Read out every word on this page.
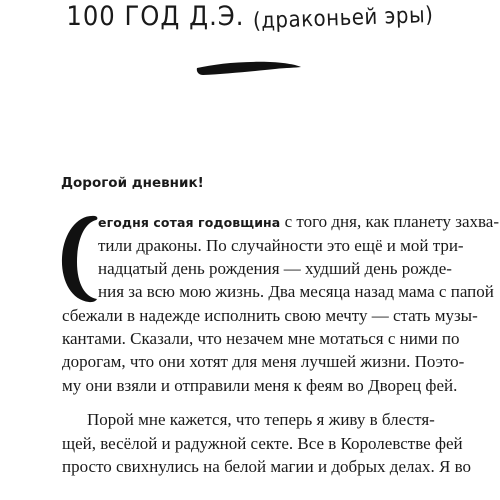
100 ГОД Д.Э. (драконьей эры)
Дорогой дневник!
егодня сотая годовщина с того дня, как планету захва-
тили драконы. По случайности это ещё и мой три-
надцатый день рождения — худший день рожде-
ния за всю мою жизнь. Два месяца назад мама с папой
сбежали в надежде исполнить свою мечту — стать музы-
кантами. Сказали, что незачем мне мотаться с ними по
дорогам, что они хотят для меня лучшей жизни. Поэто-
му они взяли и отправили меня к феям во Дворец фей.
Порой мне кажется, что теперь я живу в блестя-
щей, весёлой и радужной секте. Все в Королевстве фей
просто свихнулись на белой магии и добрых делах. Я во
